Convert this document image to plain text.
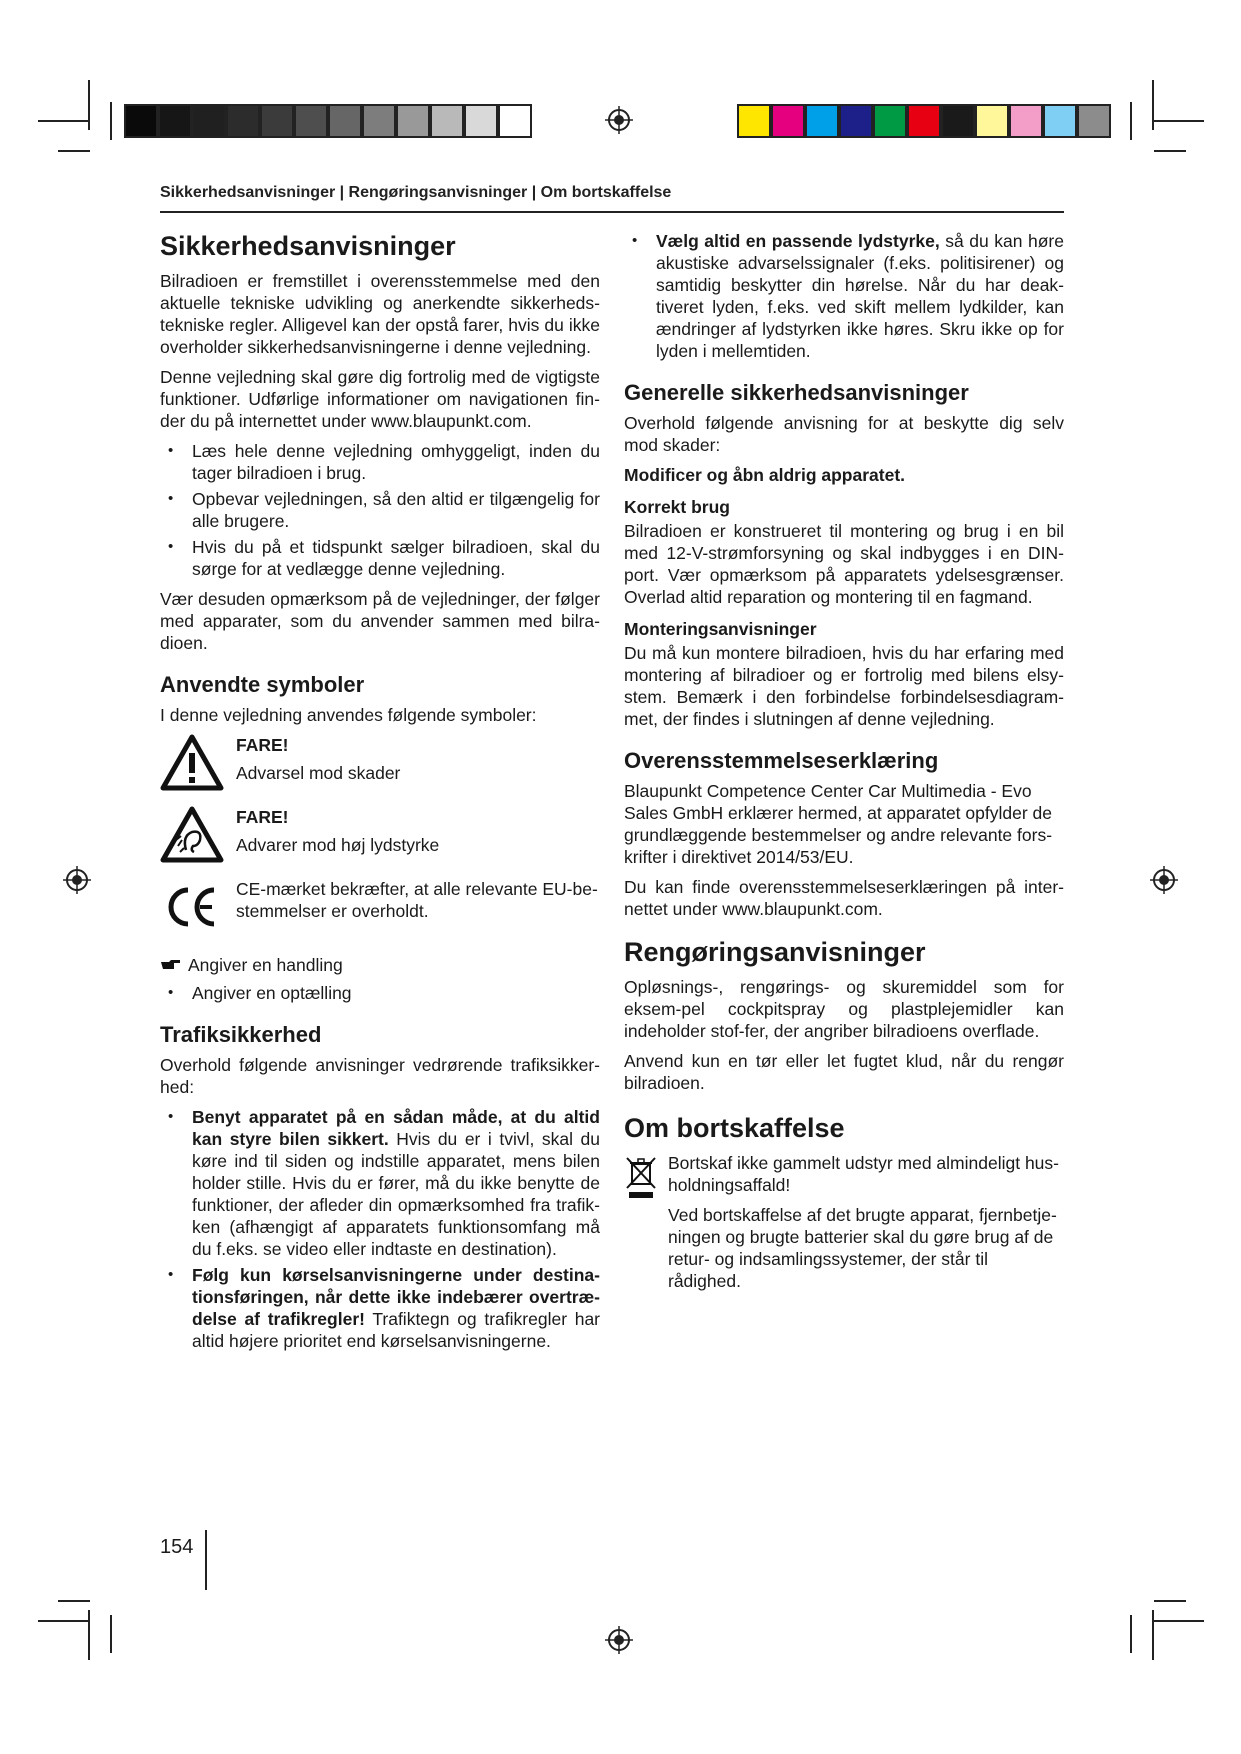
Sikkerhedsanvisninger | Rengøringsanvisninger | Om bortskaffelse
Sikkerhedsanvisninger

Bilradioen er fremstillet i overensstemmelse med den aktuelle tekniske udvikling og anerkendte sikkerheds-tekniske regler. Alligevel kan der opstå farer, hvis du ikke overholder sikkerhedsanvisningerne i denne vejledning.

Denne vejledning skal gøre dig fortrolig med de vigtigste funktioner. Udførlige informationer om navigationen fin-der du på internettet under www.blaupunkt.com.

• Læs hele denne vejledning omhyggeligt, inden du tager bilradioen i brug.
• Opbevar vejledningen, så den altid er tilgængelig for alle brugere.
• Hvis du på et tidspunkt sælger bilradioen, skal du sørge for at vedlægge denne vejledning.

Vær desuden opmærksom på de vejledninger, der følger med apparater, som du anvender sammen med bilra-dioen.

Anvendte symboler

I denne vejledning anvendes følgende symboler:

FARE!
Advarsel mod skader
FARE!
Advarer mod høj lydstyrke
CE-mærket bekræfter, at alle relevante EU-be-stemmelser er overholdt.
Angiver en handling
• Angiver en optælling
Trafiksikkerhed

Overhold følgende anvisninger vedrørende trafiksikker-hed:

• Benyt apparatet på en sådan måde, at du altid kan styre bilen sikkert. Hvis du er i tvivl, skal du køre ind til siden og indstille apparatet, mens bilen holder stille. Hvis du er fører, må du ikke benytte de funktioner, der afleder din opmærksomhed fra trafik-ken (afhængigt af apparatets funktionsomfang må du f.eks. se video eller indtaste en destination).
• Følg kun kørselsanvisningerne under destina-tionsføringen, når dette ikke indebærer overtræ-delse af trafikregler! Trafiktegn og trafikregler har altid højere prioritet end kørselsanvisningerne.
• Vælg altid en passende lydstyrke, så du kan høre akustiske advarselssignaler (f.eks. politisirener) og samtidig beskytter din hørelse. Når du har deak-tiveret lyden, f.eks. ved skift mellem lydkilder, kan ændringer af lydstyrken ikke høres. Skru ikke op for lyden i mellemtiden.
Generelle sikkerhedsanvisninger

Overhold følgende anvisning for at beskytte dig selv mod skader:

Modificer og åbn aldrig apparatet.

Korrekt brug

Bilradioen er konstrueret til montering og brug i en bil med 12-V-strømforsyning og skal indbygges i en DIN-port. Vær opmærksom på apparatets ydelsesgrænser. Overlad altid reparation og montering til en fagmand.

Monteringsanvisninger

Du må kun montere bilradioen, hvis du har erfaring med montering af bilradioer og er fortrolig med bilens elsy-stem. Bemærk i den forbindelse forbindelsesdiagram-met, der findes i slutningen af denne vejledning.

Overensstemmelseserklæring

Blaupunkt Competence Center Car Multimedia - Evo Sales GmbH erklærer hermed, at apparatet opfylder de grundlæggende bestemmelser og andre relevante fors-krifter i direktivet 2014/53/EU.

Du kan finde overensstemmelseserklæringen på inter-nettet under www.blaupunkt.com.

Rengøringsanvisninger

Opløsnings-, rengørings- og skuremiddel som for eksem-pel cockpitspray og plastplejemidler kan indeholder stof-fer, der angriber bilradioens overflade.

Anvend kun en tør eller let fugtet klud, når du rengør bilradioen.

Om bortskaffelse

Bortskaf ikke gammelt udstyr med almindeligt hus-holdningsaffald!

Ved bortskaffelse af det brugte apparat, fjernbetje-ningen og brugte batterier skal du gøre brug af de retur- og indsamlingssystemer, der står til rådighed.

154
